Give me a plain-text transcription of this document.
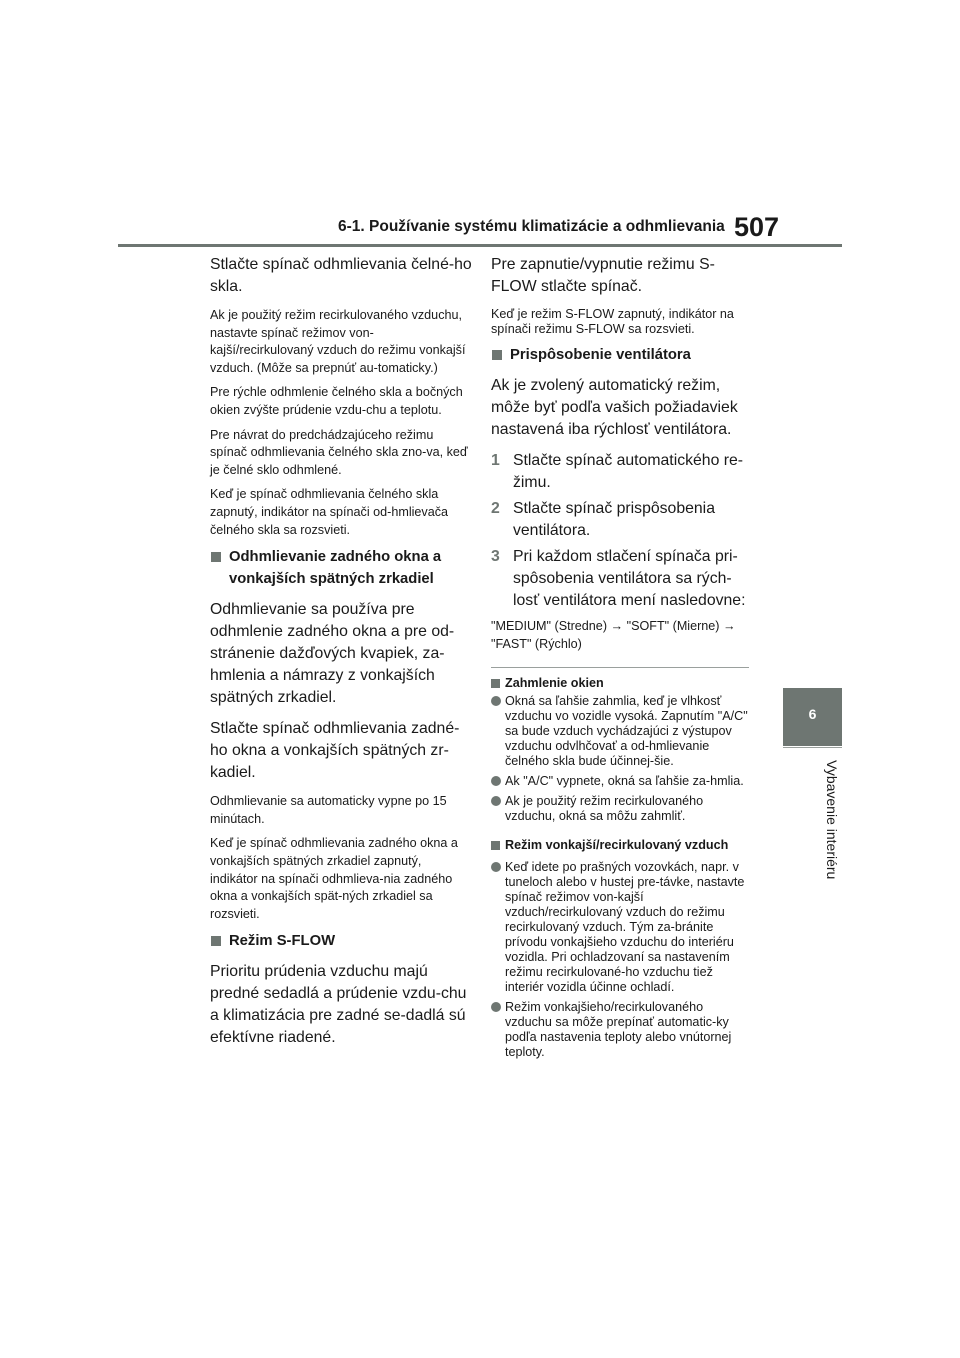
6-1. Používanie systému klimatizácie a odhmlievania 507
6
Vybavenie interiéru

Stlačte spínač odhmlievania čelné-ho skla.

Ak je použitý režim recirkulovaného vzduchu, nastavte spínač režimov von-kajší/recirkulovaný vzduch do režimu vonkajší vzduch. (Môže sa prepnúť au-tomaticky.)

Pre rýchle odhmlenie čelného skla a bočných okien zvýšte prúdenie vzdu-chu a teplotu.

Pre návrat do predchádzajúceho režimu spínač odhmlievania čelného skla zno-va, keď je čelné sklo odhmlené.

Keď je spínač odhmlievania čelného skla zapnutý, indikátor na spínači od-hmlievača čelného skla sa rozsvieti.

Odhmlievanie zadného okna a vonkajších spätných zrkadiel

Odhmlievanie sa používa pre odhmlenie zadného okna a pre od-stránenie dažďových kvapiek, za-hmlenia a námrazy z vonkajších spätných zrkadiel.

Stlačte spínač odhmlievania zadné-ho okna a vonkajších spätných zr-kadiel.

Odhmlievanie sa automaticky vypne po 15 minútach.

Keď je spínač odhmlievania zadného okna a vonkajších spätných zrkadiel zapnutý, indikátor na spínači odhmlieva-nia zadného okna a vonkajších spät-ných zrkadiel sa rozsvieti.

Režim S-FLOW

Prioritu prúdenia vzduchu majú predné sedadlá a prúdenie vzdu-chu a klimatizácia pre zadné se-dadlá sú efektívne riadené.

Pre zapnutie/vypnutie režimu S-FLOW stlačte spínač.

Keď je režim S-FLOW zapnutý, indikátor na spínači režimu S-FLOW sa rozsvieti.

Prispôsobenie ventilátora

Ak je zvolený automatický režim, môže byť podľa vašich požiadaviek nastavená iba rýchlosť ventilátora.

1 Stlačte spínač automatického re-žimu.
2 Stlačte spínač prispôsobenia ventilátora.
3 Pri každom stlačení spínača pri-spôsobenia ventilátora sa rých-losť ventilátora mení nasledovne:

"MEDIUM" (Stredne) → "SOFT" (Mierne) → "FAST" (Rýchlo)

Zahmlenie okien
Okná sa ľahšie zahmlia, keď je vlhkosť vzduchu vo vozidle vysoká. Zapnutím "A/C" sa bude vzduch vychádzajúci z výstupov vzduchu odvlhčovať a od-hmlievanie čelného skla bude účinnej-šie.
Ak "A/C" vypnete, okná sa ľahšie za-hmlia.
Ak je použitý režim recirkulovaného vzduchu, okná sa môžu zahmliť.
Režim vonkajší/recirkulovaný vzduch
Keď idete po prašných vozovkách, napr. v tuneloch alebo v hustej pre-távke, nastavte spínač režimov von-kajší vzduch/recirkulovaný vzduch do režimu recirkulovaný vzduch. Tým za-bránite prívodu vonkajšieho vzduchu do interiéru vozidla. Pri ochladzovaní sa nastavením režimu recirkulované-ho vzduchu tiež interiér vozidla účinne ochladí.
Režim vonkajšieho/recirkulovaného vzduchu sa môže prepínať automatic-ky podľa nastavenia teploty alebo vnútornej teploty.
